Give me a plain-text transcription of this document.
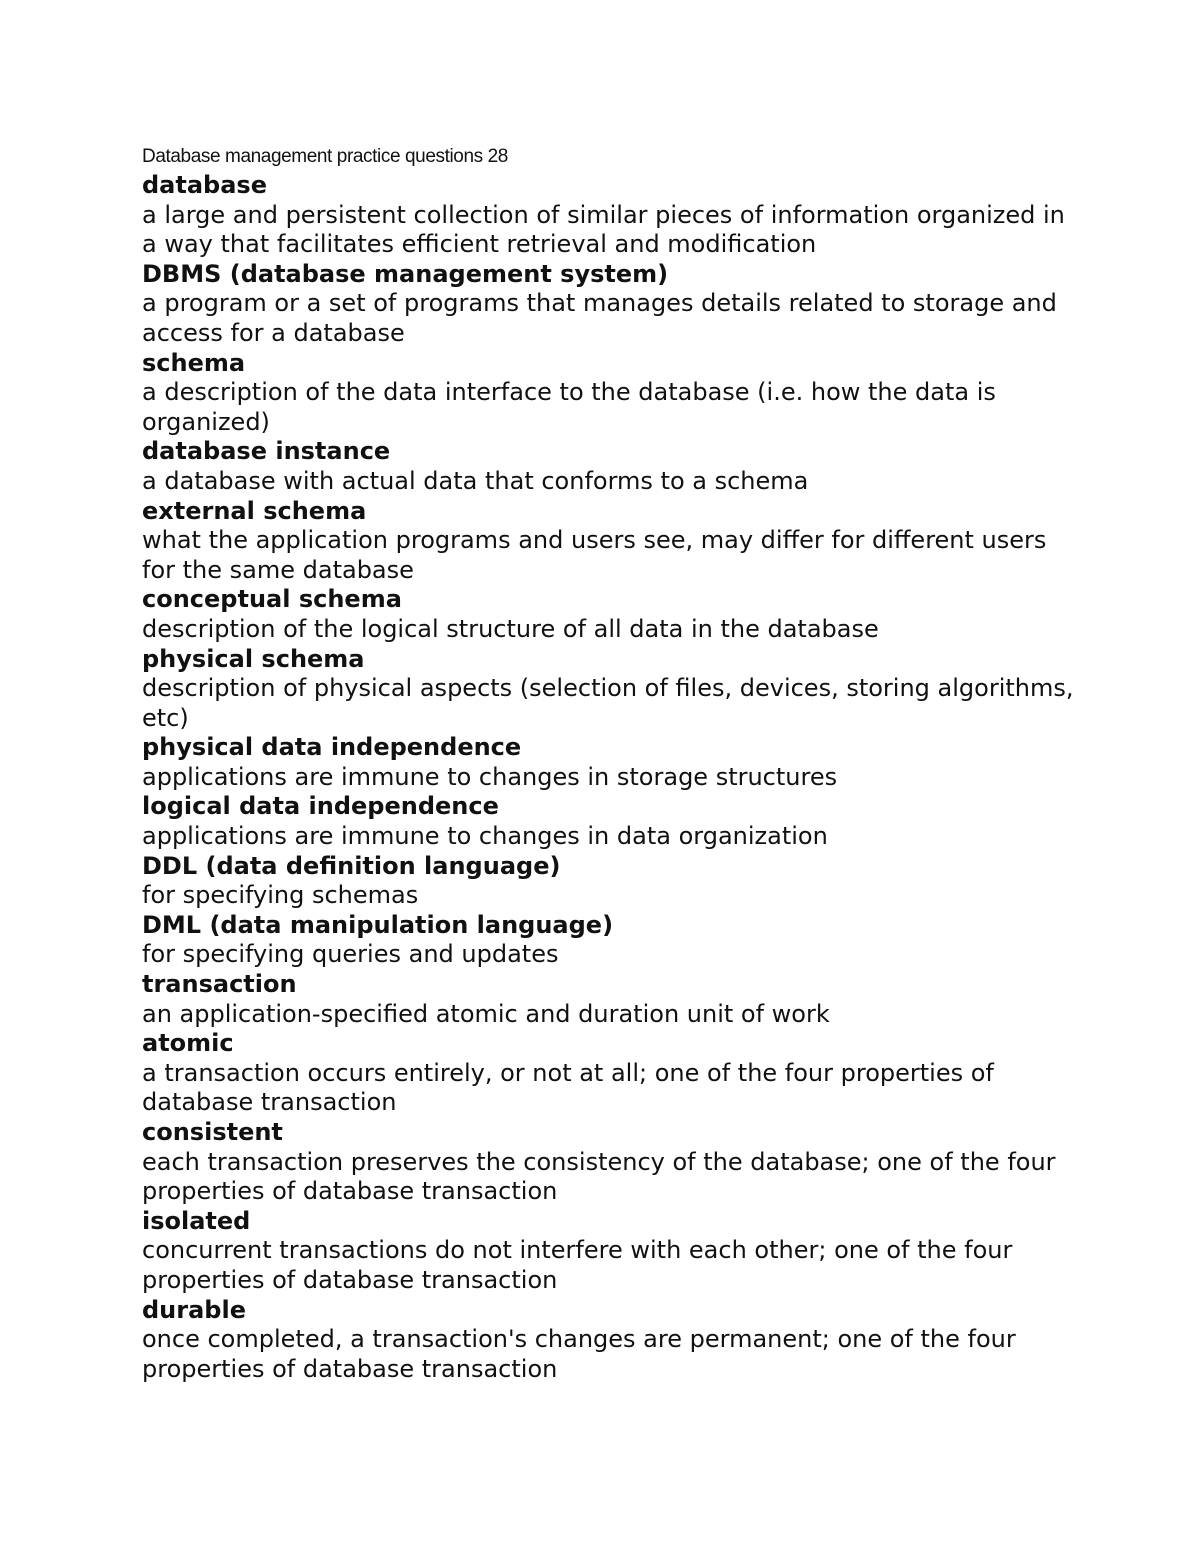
Database management practice questions 28

database

a large and persistent collection of similar pieces of information organized in a way that facilitates efficient retrieval and modification

DBMS (database management system)

a program or a set of programs that manages details related to storage and access for a database

schema

a description of the data interface to the database (i.e. how the data is organized)

database instance

a database with actual data that conforms to a schema

external schema

what the application programs and users see, may differ for different users for the same database

conceptual schema

description of the logical structure of all data in the database

physical schema

description of physical aspects (selection of files, devices, storing algorithms, etc)

physical data independence

applications are immune to changes in storage structures

logical data independence

applications are immune to changes in data organization

DDL (data definition language)

for specifying schemas

DML (data manipulation language)

for specifying queries and updates

transaction

an application-specified atomic and duration unit of work

atomic

a transaction occurs entirely, or not at all; one of the four properties of database transaction

consistent

each transaction preserves the consistency of the database; one of the four properties of database transaction

isolated

concurrent transactions do not interfere with each other; one of the four properties of database transaction

durable

once completed, a transaction's changes are permanent; one of the four properties of database transaction
